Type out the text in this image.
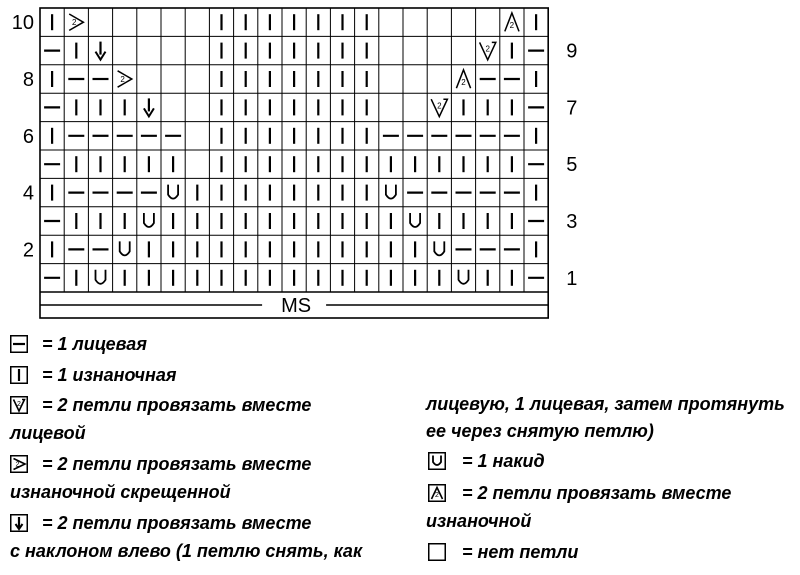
MS
2	2
2
2	2
2
10
8
6
4
2
9
7
5
3
1
= 1 лицевая
= 1 изнаночная
2 = 2 петли провязать вместе
лицевой
2 = 2 петли провязать вместе
изнаночной скрещенной
= 2 петли провязать вместе
с наклоном влево (1 петлю снять, как
лицевую, 1 лицевая, затем протянуть
ее через снятую петлю)
= 1 накид
2 = 2 петли провязать вместе
изнаночной
= нет петли
